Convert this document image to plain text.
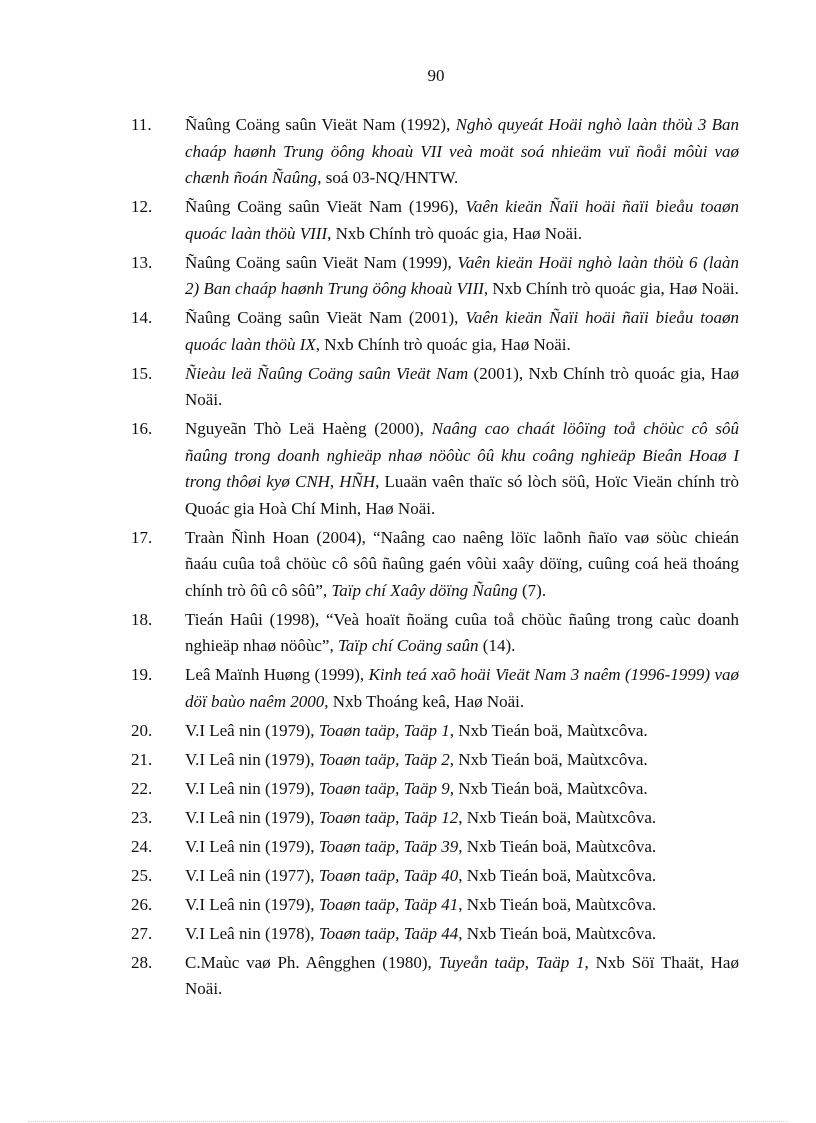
90
11.	Ñaûng Coäng saûn Vieät Nam (1992), Nghò quyeát Hoäi nghò laàn thöù 3 Ban chaáp haønh Trung öông khoaù VII veà moät soá nhieäm vuï ñoåi môùi vaø chænh ñoán Ñaûng, soá 03-NQ/HNTW.
12.	Ñaûng Coäng saûn Vieät Nam (1996), Vaên kieän Ñaïi hoäi ñaïi bieåu toaøn quoác laàn thöù VIII, Nxb Chính trò quoác gia, Haø Noäi.
13.	Ñaûng Coäng saûn Vieät Nam (1999), Vaên kieän Hoäi nghò laàn thöù 6 (laàn 2) Ban chaáp haønh Trung öông khoaù VIII, Nxb Chính trò quoác gia, Haø Noäi.
14.	Ñaûng Coäng saûn Vieät Nam (2001), Vaên kieän Ñaïi hoäi ñaïi bieåu toaøn quoác laàn thöù IX, Nxb Chính trò quoác gia, Haø Noäi.
15.	Ñieàu leä Ñaûng Coäng saûn Vieät Nam (2001), Nxb Chính trò quoác gia, Haø Noäi.
16.	Nguyeãn Thò Leä Haèng (2000), Naâng cao chaát löôïng toå chöùc cô sôû ñaûng trong doanh nghieäp nhaø nöôùc ôû khu coâng nghieäp Bieân Hoaø I trong thôøi kyø CNH, HÑH, Luaän vaên thaïc só lòch söû, Hoïc Vieän chính trò Quoác gia Hoà Chí Minh, Haø Noäi.
17.	Traàn Ñình Hoan (2004), “Naâng cao naêng löïc laõnh ñaïo vaø söùc chieán ñaáu cuûa toå chöùc cô sôû ñaûng gaén vôùi xaây döïng, cuûng coá heä thoáng chính trò ôû cô sôû”, Taïp chí Xaây döïng Ñaûng (7).
18.	Tieán Haûi (1998), “Veà hoaït ñoäng cuûa toå chöùc ñaûng trong caùc doanh nghieäp nhaø nöôùc”, Taïp chí Coäng saûn (14).
19.	Leâ Maïnh Huøng (1999), Kinh teá xaõ hoäi Vieät Nam 3 naêm (1996-1999) vaø döï baùo naêm 2000, Nxb Thoáng keâ, Haø Noäi.
20.	V.I Leâ nin (1979), Toaøn taäp, Taäp 1, Nxb Tieán boä, Maùtxcôva.
21.	V.I Leâ nin (1979), Toaøn taäp, Taäp 2, Nxb Tieán boä, Maùtxcôva.
22.	V.I Leâ nin (1979), Toaøn taäp, Taäp 9, Nxb Tieán boä, Maùtxcôva.
23.	V.I Leâ nin (1979), Toaøn taäp, Taäp 12, Nxb Tieán boä, Maùtxcôva.
24.	V.I Leâ nin (1979), Toaøn taäp, Taäp 39, Nxb Tieán boä, Maùtxcôva.
25.	V.I Leâ nin (1977), Toaøn taäp, Taäp 40, Nxb Tieán boä, Maùtxcôva.
26.	V.I Leâ nin (1979), Toaøn taäp, Taäp 41, Nxb Tieán boä, Maùtxcôva.
27.	V.I Leâ nin (1978), Toaøn taäp, Taäp 44, Nxb Tieán boä, Maùtxcôva.
28.	C.Maùc vaø Ph. Aêngghen (1980), Tuyeån taäp, Taäp 1, Nxb Söï Thaät, Haø Noäi.
